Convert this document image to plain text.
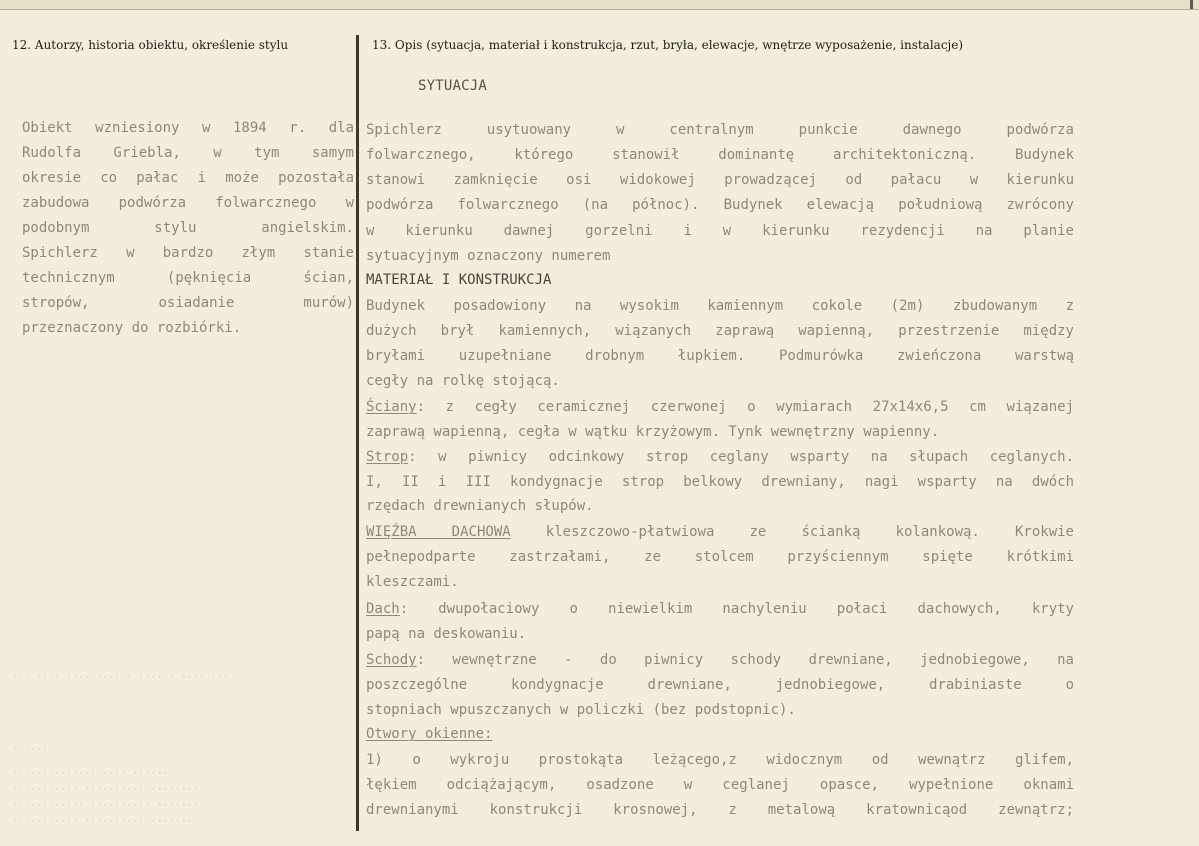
12. Autorzy, historia obiektu, określenie stylu	13. Opis (sytuacja, materiał i konstrukcja, rzut, bryła, elewacje, wnętrze wyposażenie, instalacje)
SYTUACJA
Obiekt wzniesiony w 1894 r. dla
Rudolfa Griebla, w tym samym
okresie co pałac i może pozostała
zabudowa podwórza folwarcznego w
podobnym stylu angielskim.
Spichlerz w bardzo złym stanie
technicznym (pęknięcia ścian,
stropów, osiadanie murów)
przeznaczony do rozbiórki.
··· ···· ···· ···· · ···· · ···· ···
· ····
·············· ···· ······
··········· ·········· ········
············ ·········· ·······
··········· ·········· ·······
Spichlerz usytuowany w centralnym punkcie dawnego podwórza
folwarcznego, którego stanowił dominantę architektoniczną. Budynek
stanowi zamknięcie osi widokowej prowadzącej od pałacu w kierunku
podwórza folwarcznego (na północ). Budynek elewacją południową zwrócony
w kierunku dawnej gorzelni i w kierunku rezydencji na planie
sytuacyjnym oznaczony numerem
MATERIAŁ I KONSTRUKCJA
Budynek posadowiony na wysokim kamiennym cokole (2m) zbudowanym z
dużych brył kamiennych, wiązanych zaprawą wapienną, przestrzenie między
bryłami uzupełniane drobnym łupkiem. Podmurówka zwieńczona warstwą
cegły na rolkę stojącą.
Ściany: z cegły ceramicznej czerwonej o wymiarach 27x14x6,5 cm wiązanej
zaprawą wapienną, cegła w wątku krzyżowym. Tynk wewnętrzny wapienny.
Strop: w piwnicy odcinkowy strop ceglany wsparty na słupach ceglanych.
I, II i III kondygnacje strop belkowy drewniany, nagi wsparty na dwóch
rzędach drewnianych słupów.
WIĘŹBA DACHOWA kleszczowo-płatwiowa ze ścianką kolankową. Krokwie
pełnepodparte zastrzałami, ze stolcem przyściennym spięte krótkimi
kleszczami.
Dach: dwupołaciowy o niewielkim nachyleniu połaci dachowych, kryty
papą na deskowaniu.
Schody: wewnętrzne - do piwnicy schody drewniane, jednobiegowe, na
poszczególne kondygnacje drewniane, jednobiegowe, drabiniaste o
stopniach wpuszczanych w policzki (bez podstopnic).
Otwory okienne:
1) o wykroju prostokąta leżącego,z widocznym od wewnątrz glifem,
łękiem odciążającym, osadzone w ceglanej opasce, wypełnione oknami
drewnianymi konstrukcji krosnowej, z metalową kratownicąod zewnątrz;
